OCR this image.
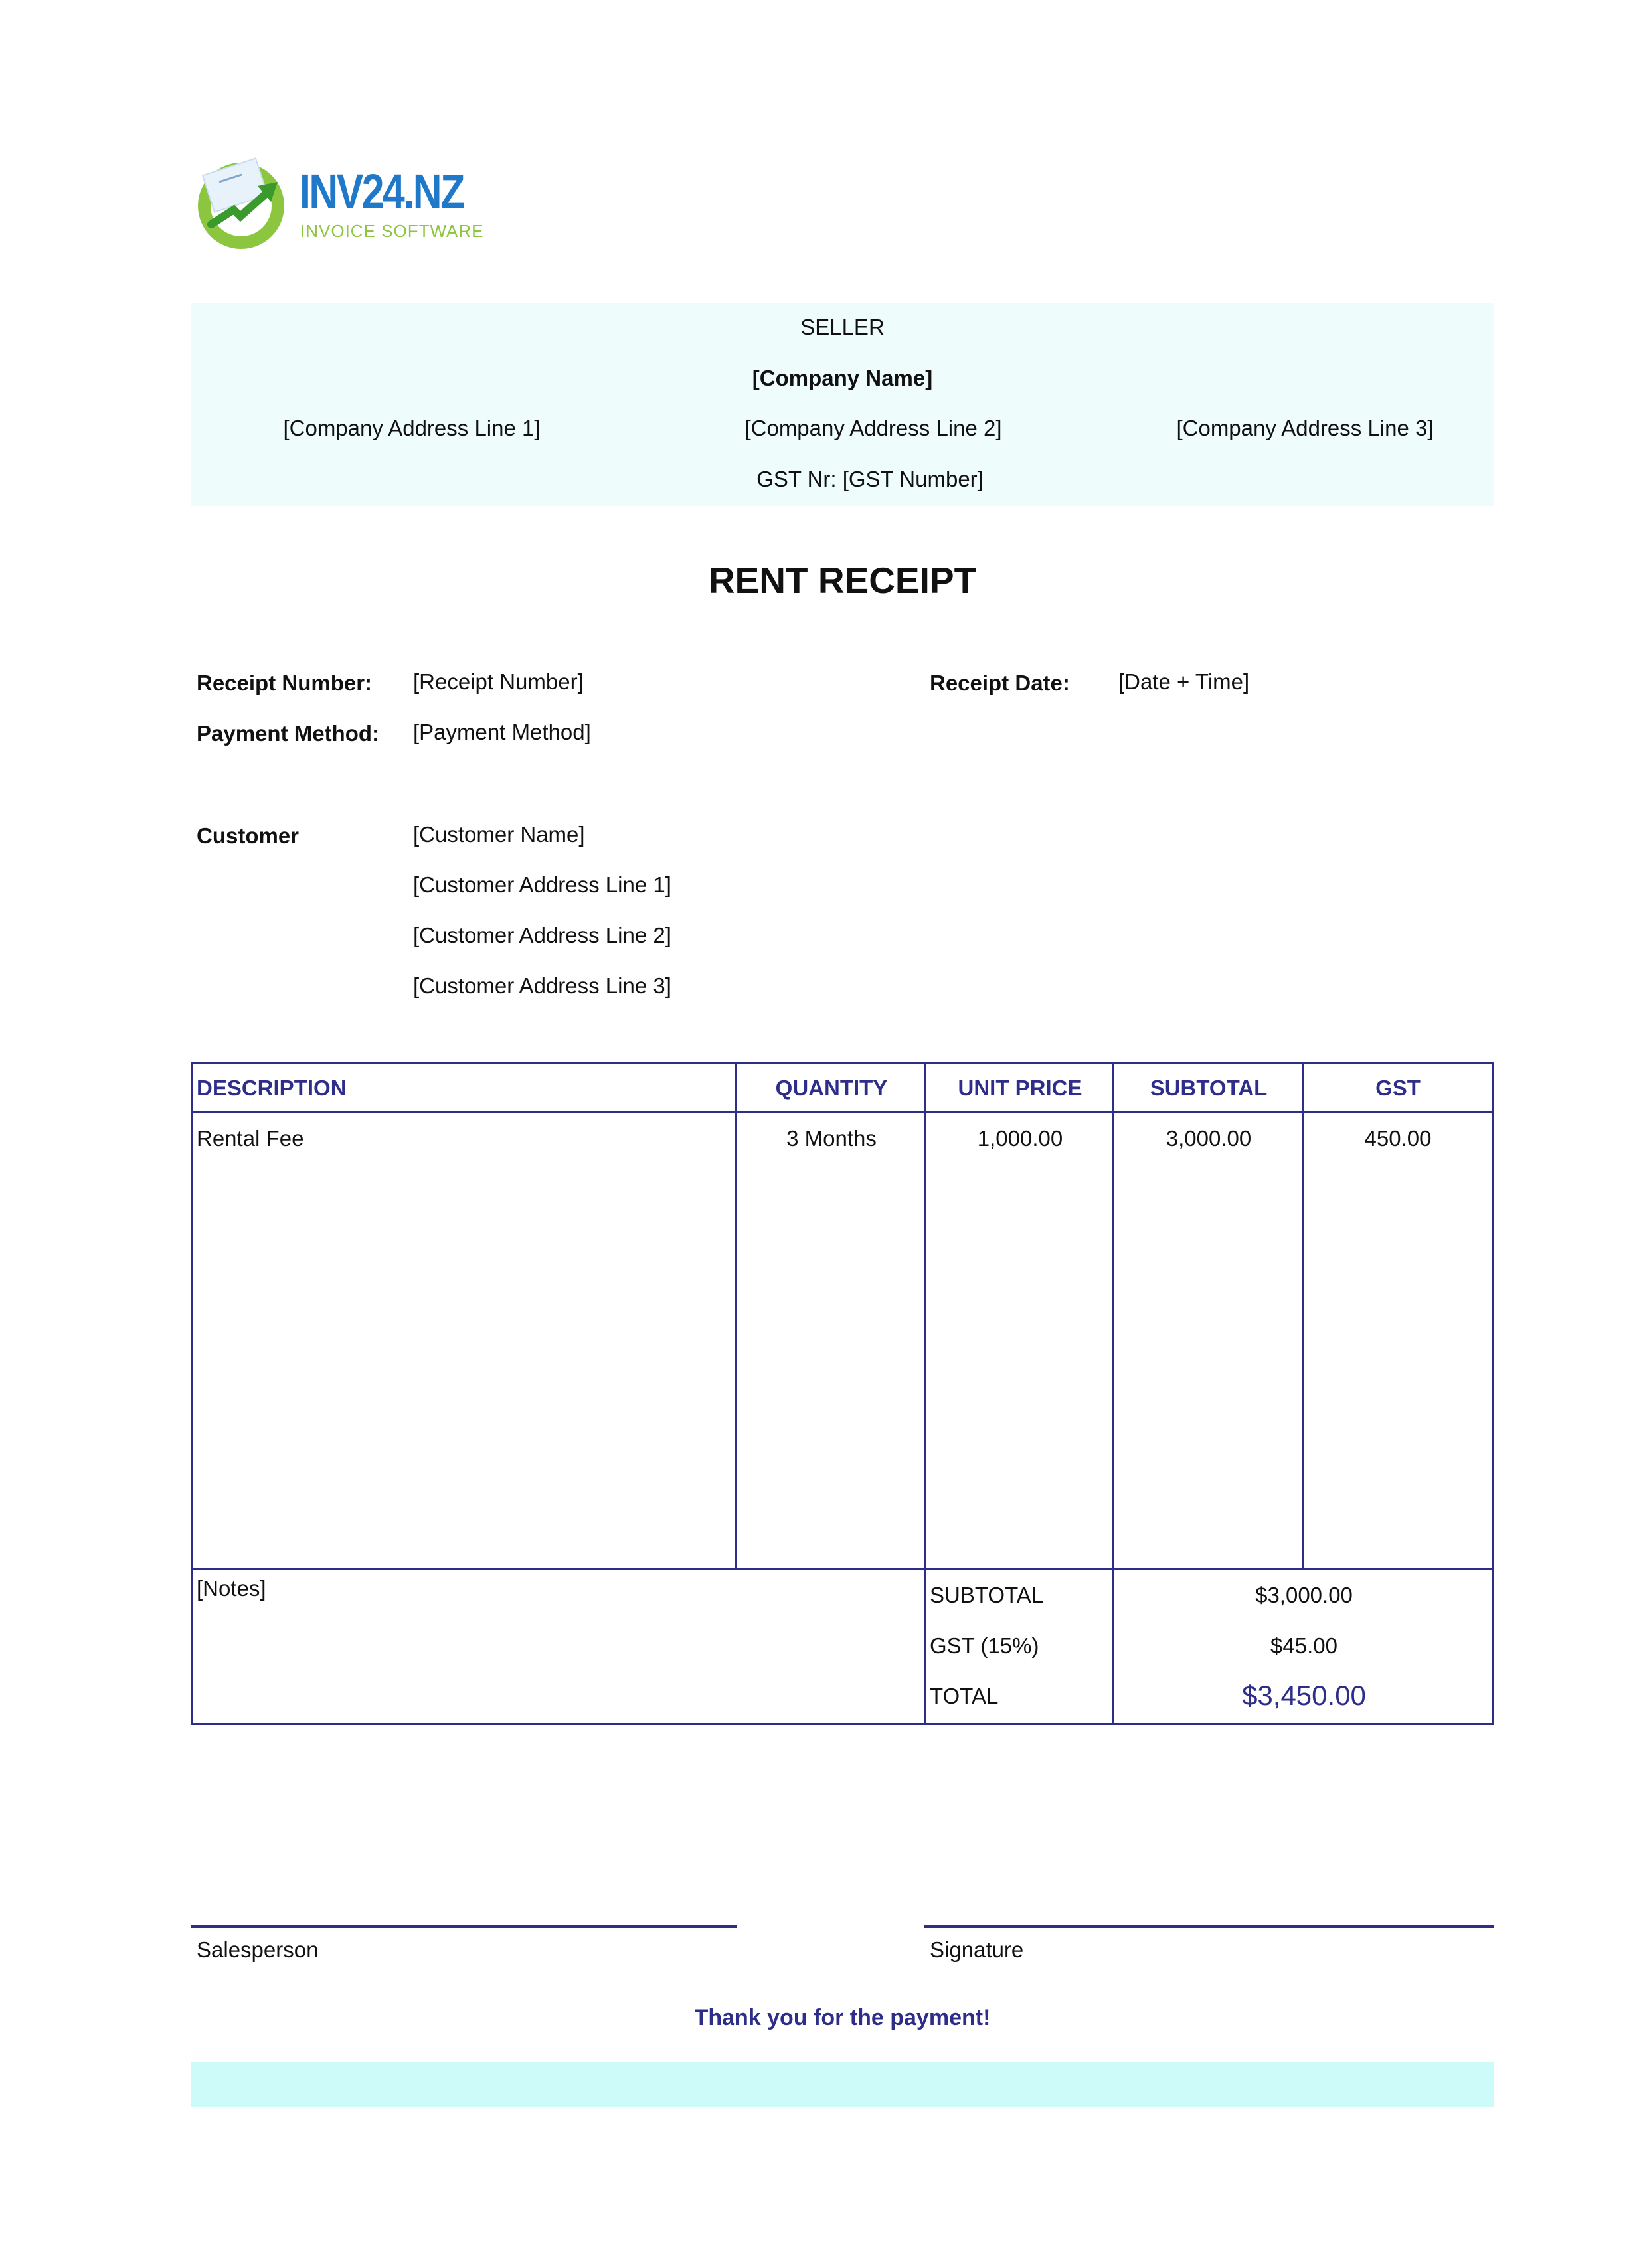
INV24.NZ
INVOICE SOFTWARE
SELLER
[Company Name]
[Company Address Line 1]	[Company Address Line 2]	[Company Address Line 3]
GST Nr: [GST Number]
RENT RECEIPT
Receipt Number: [Receipt Number]	Receipt Date: [Date + Time]
Payment Method: [Payment Method]
Customer	[Customer Name]
[Customer Address Line 1]
[Customer Address Line 2]
[Customer Address Line 3]
DESCRIPTION	QUANTITY	UNIT PRICE	SUBTOTAL	GST
Rental Fee	3 Months	1,000.00	3,000.00	450.00
[Notes]	SUBTOTAL	$3,000.00
GST (15%)	$45.00
TOTAL	$3,450.00
Salesperson	Signature
Thank you for the payment!
